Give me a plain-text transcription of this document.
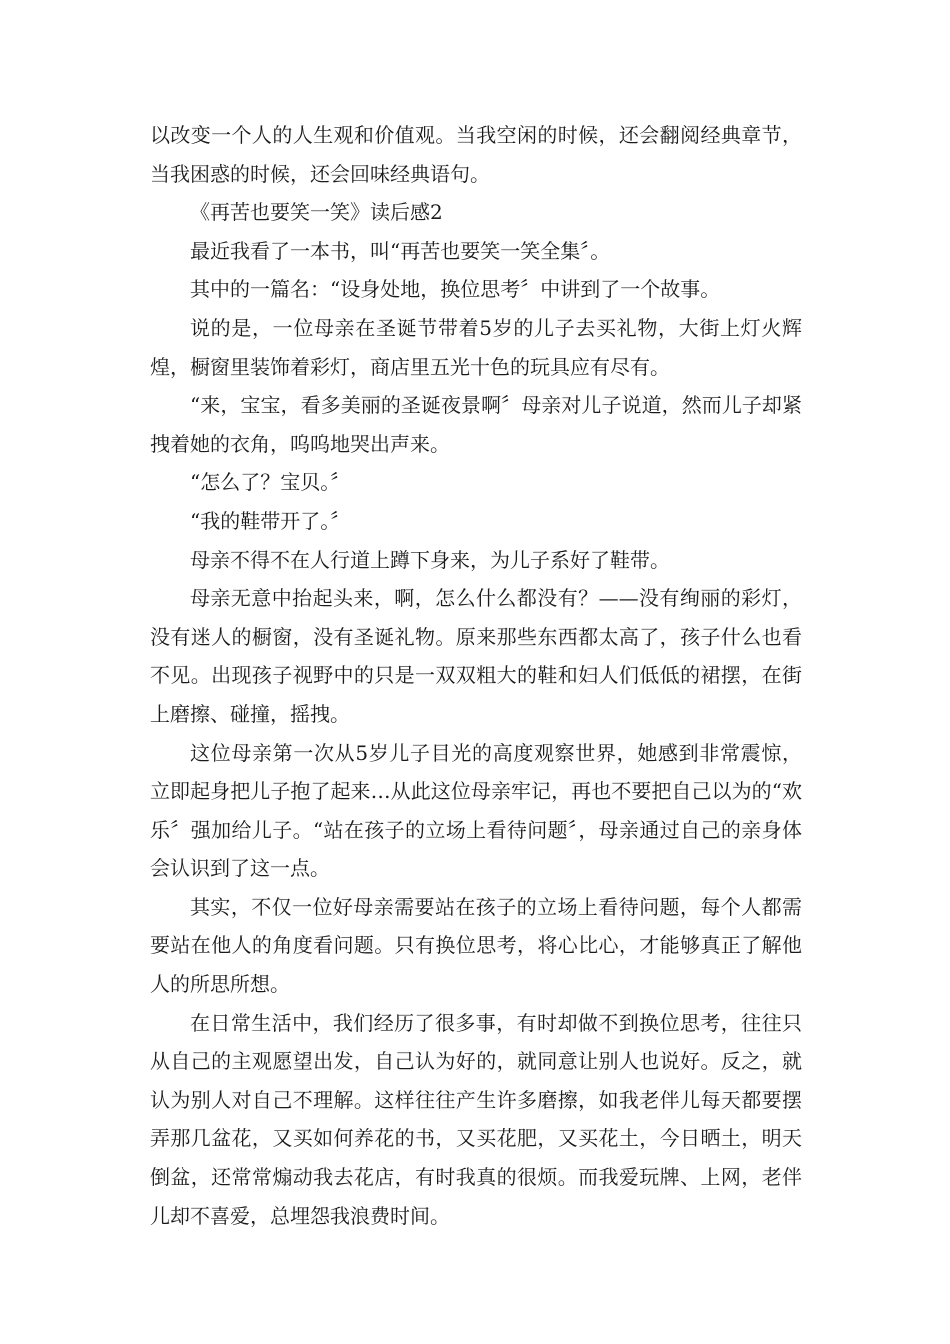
以改变一个人的人生观和价值观。当我空闲的时候，还会翻阅经典章节，当我困惑的时候，还会回味经典语句。

《再苦也要笑一笑》读后感2

最近我看了一本书，叫“再苦也要笑一笑全集〞。

其中的一篇名：“设身处地，换位思考〞中讲到了一个故事。

说的是，一位母亲在圣诞节带着5岁的儿子去买礼物，大街上灯火辉煌，橱窗里装饰着彩灯，商店里五光十色的玩具应有尽有。

“来，宝宝，看多美丽的圣诞夜景啊〞母亲对儿子说道，然而儿子却紧拽着她的衣角，呜呜地哭出声来。

“怎么了？宝贝。〞

“我的鞋带开了。〞

母亲不得不在人行道上蹲下身来，为儿子系好了鞋带。

母亲无意中抬起头来，啊，怎么什么都没有？——没有绚丽的彩灯，没有迷人的橱窗，没有圣诞礼物。原来那些东西都太高了，孩子什么也看不见。出现孩子视野中的只是一双双粗大的鞋和妇人们低低的裙摆，在街上磨擦、碰撞，摇拽。

这位母亲第一次从5岁儿子目光的高度观察世界，她感到非常震惊，立即起身把儿子抱了起来…从此这位母亲牢记，再也不要把自己以为的“欢乐〞强加给儿子。“站在孩子的立场上看待问题〞，母亲通过自己的亲身体会认识到了这一点。

其实，不仅一位好母亲需要站在孩子的立场上看待问题，每个人都需要站在他人的角度看问题。只有换位思考，将心比心，才能够真正了解他人的所思所想。

在日常生活中，我们经历了很多事，有时却做不到换位思考，往往只从自己的主观愿望出发，自己认为好的，就同意让别人也说好。反之，就认为别人对自己不理解。这样往往产生许多磨擦，如我老伴儿每天都要摆弄那几盆花，又买如何养花的书，又买花肥，又买花土，今日晒土，明天倒盆，还常常煽动我去花店，有时我真的很烦。而我爱玩牌、上网，老伴儿却不喜爱，总埋怨我浪费时间。
